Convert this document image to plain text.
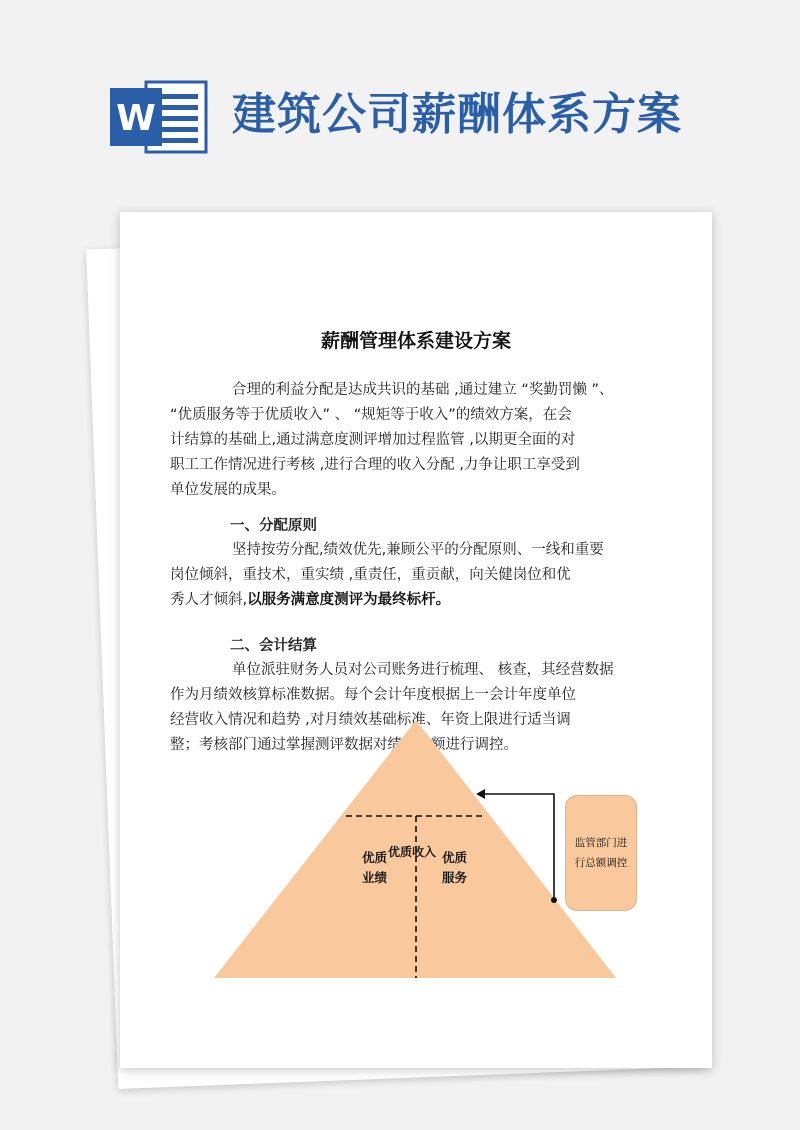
W 建筑公司薪酬体系方案
薪酬管理体系建设方案
合理的利益分配是达成共识的基础 ,通过建立 “奖勤罚懒 ”、
“优质服务等于优质收入” 、 “规矩等于收入”的绩效方案，在会
计结算的基础上,通过满意度测评增加过程监管 ,以期更全面的对
职工工作情况进行考核 ,进行合理的收入分配 ,力争让职工享受到
单位发展的成果。
一、分配原则
坚持按劳分配,绩效优先,兼顾公平的分配原则、一线和重要
岗位倾斜，重技术，重实绩 ,重责任，重贡献，向关健岗位和优
秀人才倾斜,以服务满意度测评为最终标杆。
二、会计结算
单位派驻财务人员对公司账务进行梳理、 核查，其经营数据
作为月绩效核算标准数据。每个会计年度根据上一会计年度单位
经营收入情况和趋势 ,对月绩效基础标准、年资上限进行适当调
整；考核部门通过掌握测评数据对绩效总额进行调控。
优质收入
优质
业绩
优质
服务
监管部门进
行总额调控
